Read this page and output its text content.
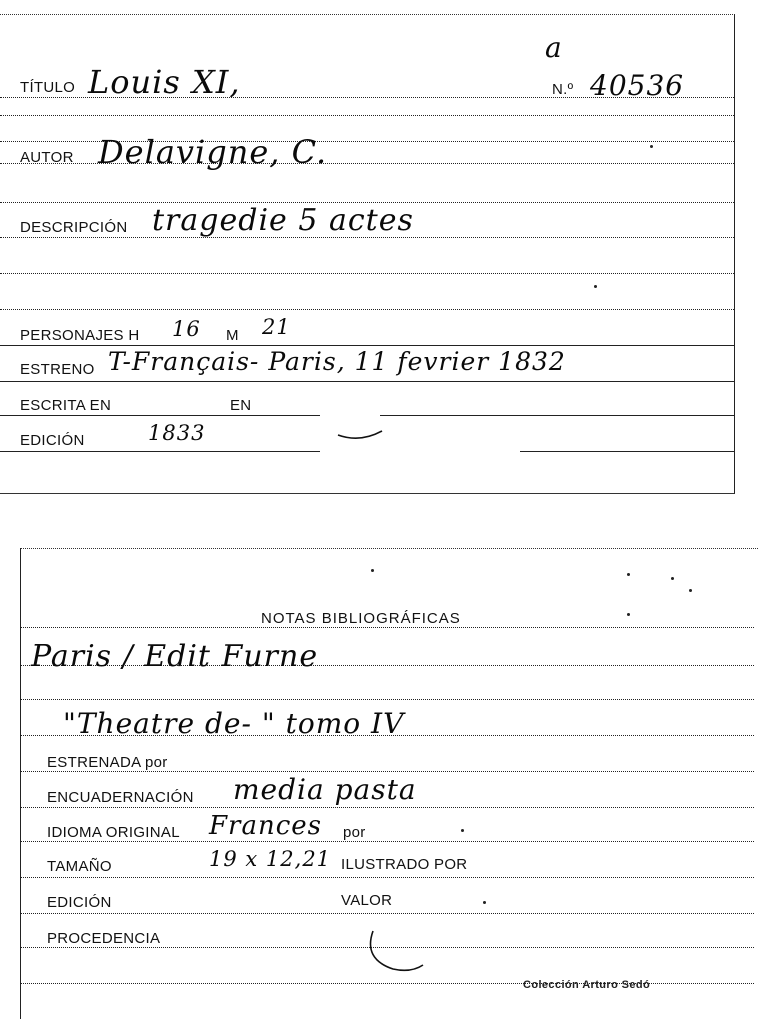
a
TÍTULO Louis XI,	N.º 40536
AUTOR Delavigne, C.
DESCRIPCIÓN tragedie 5 actes
PERSONAJES H 16 M 21
ESTRENO T-Français- Paris, 11 fevrier 1832
ESCRITA EN	EN
EDICIÓN	1833
NOTAS BIBLIOGRÁFICAS
Paris / Edit Furne
"Theatre de- " tomo IV
ESTRENADA por
ENCUADERNACIÓN media pasta
IDIOMA ORIGINAL Frances por
TAMAÑO	19 x 12,21 ILUSTRADO POR
EDICIÓN	VALOR
PROCEDENCIA
Colección Arturo Sedó
